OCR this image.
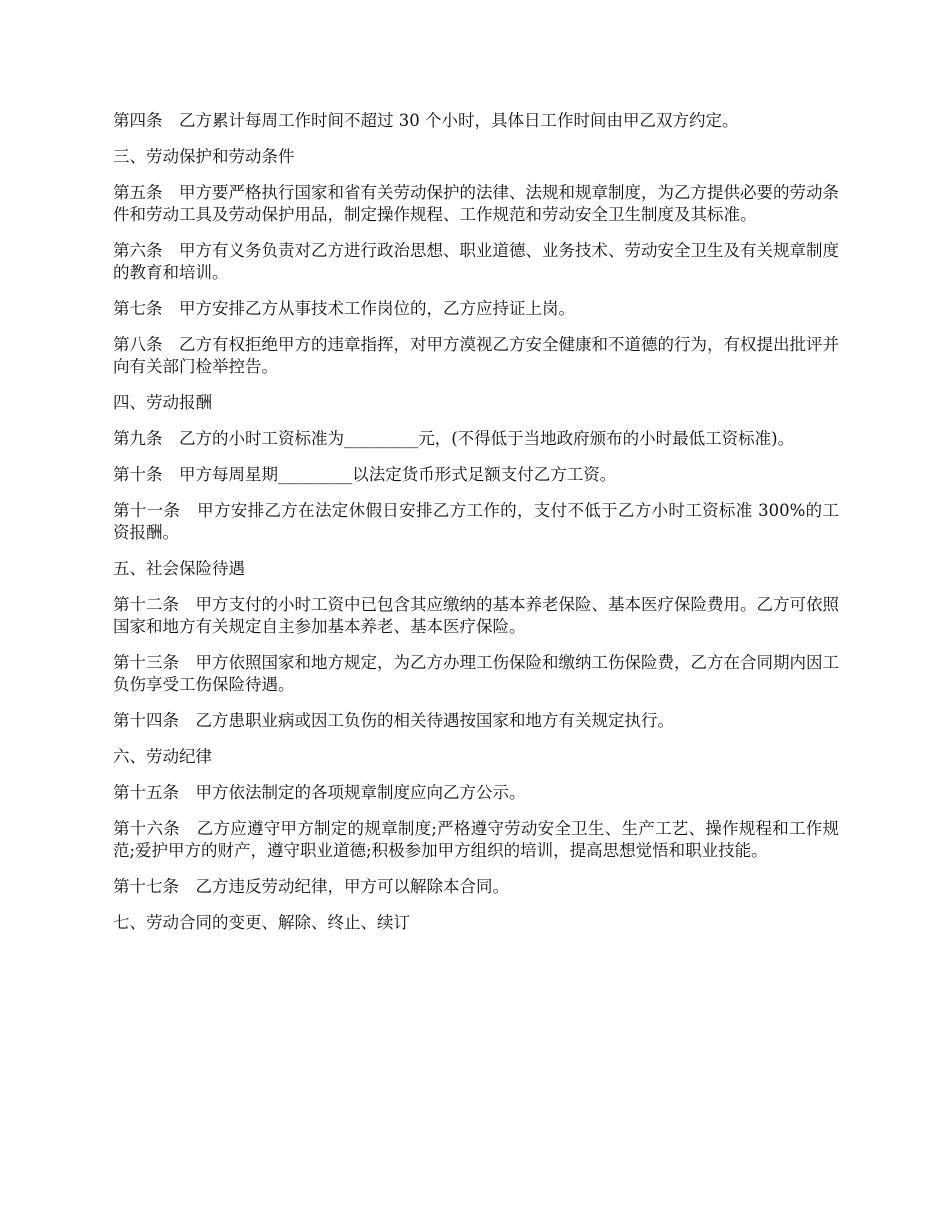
第四条　乙方累计每周工作时间不超过 30 个小时，具体日工作时间由甲乙双方约定。

三、劳动保护和劳动条件

第五条　甲方要严格执行国家和省有关劳动保护的法律、法规和规章制度，为乙方提供必要的劳动条件和劳动工具及劳动保护用品，制定操作规程、工作规范和劳动安全卫生制度及其标准。

第六条　甲方有义务负责对乙方进行政治思想、职业道德、业务技术、劳动安全卫生及有关规章制度的教育和培训。

第七条　甲方安排乙方从事技术工作岗位的，乙方应持证上岗。

第八条　乙方有权拒绝甲方的违章指挥，对甲方漠视乙方安全健康和不道德的行为，有权提出批评并向有关部门检举控告。

四、劳动报酬

第九条　乙方的小时工资标准为_________元，(不得低于当地政府颁布的小时最低工资标准)。

第十条　甲方每周星期_________以法定货币形式足额支付乙方工资。

第十一条　甲方安排乙方在法定休假日安排乙方工作的，支付不低于乙方小时工资标准 300%的工资报酬。

五、社会保险待遇

第十二条　甲方支付的小时工资中已包含其应缴纳的基本养老保险、基本医疗保险费用。乙方可依照国家和地方有关规定自主参加基本养老、基本医疗保险。

第十三条　甲方依照国家和地方规定，为乙方办理工伤保险和缴纳工伤保险费，乙方在合同期内因工负伤享受工伤保险待遇。

第十四条　乙方患职业病或因工负伤的相关待遇按国家和地方有关规定执行。

六、劳动纪律

第十五条　甲方依法制定的各项规章制度应向乙方公示。

第十六条　乙方应遵守甲方制定的规章制度;严格遵守劳动安全卫生、生产工艺、操作规程和工作规范;爱护甲方的财产，遵守职业道德;积极参加甲方组织的培训，提高思想觉悟和职业技能。

第十七条　乙方违反劳动纪律，甲方可以解除本合同。

七、劳动合同的变更、解除、终止、续订
